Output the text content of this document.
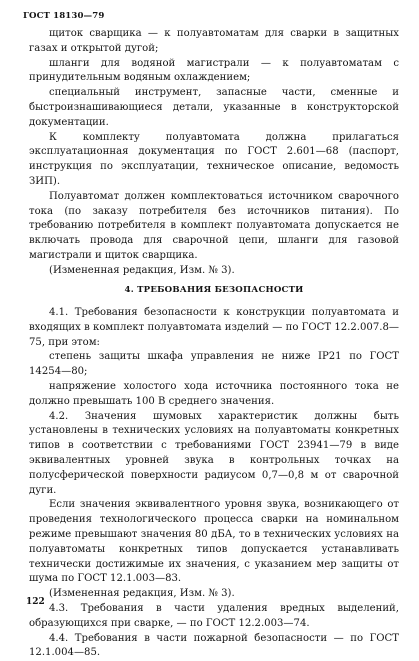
ГОСТ 18130—79

щиток сварщика — к полуавтоматам для сварки в защитных газах и открытой дугой;

шланги для водяной магистрали — к полуавтоматам с принудительным водяным охлаждением;

специальный инструмент, запасные части, сменные и быстроизнашивающиеся детали, указанные в конструкторской документации.

К комплекту полуавтомата должна прилагаться эксплуатационная документация по ГОСТ 2.601—68 (паспорт, инструкция по эксплуатации, техническое описание, ведомость ЗИП).

Полуавтомат должен комплектоваться источником сварочного тока (по заказу потребителя без источников питания). По требованию потребителя в комплект полуавтомата допускается не включать провода для сварочной цепи, шланги для газовой магистрали и щиток сварщика.

(Измененная редакция, Изм. № 3).

4. ТРЕБОВАНИЯ БЕЗОПАСНОСТИ

4.1. Требования безопасности к конструкции полуавтомата и входящих в комплект полуавтомата изделий — по ГОСТ 12.2.007.8—75, при этом:

степень защиты шкафа управления не ниже IP21 по ГОСТ 14254—80;

напряжение холостого хода источника постоянного тока не должно превышать 100 В среднего значения.

4.2. Значения шумовых характеристик должны быть установлены в технических условиях на полуавтоматы конкретных типов в соответствии с требованиями ГОСТ 23941—79 в виде эквивалентных уровней звука в контрольных точках на полусферической поверхности радиусом 0,7—0,8 м от сварочной дуги.

Если значения эквивалентного уровня звука, возникающего от проведения технологического процесса сварки на номинальном режиме превышают значения 80 дБА, то в технических условиях на полуавтоматы конкретных типов допускается устанавливать технически достижимые их значения, с указанием мер защиты от шума по ГОСТ 12.1.003—83.

(Измененная редакция, Изм. № 3).

4.3. Требования в части удаления вредных выделений, образующихся при сварке, — по ГОСТ 12.2.003—74.

4.4. Требования в части пожарной безопасности — по ГОСТ 12.1.004—85.

122
